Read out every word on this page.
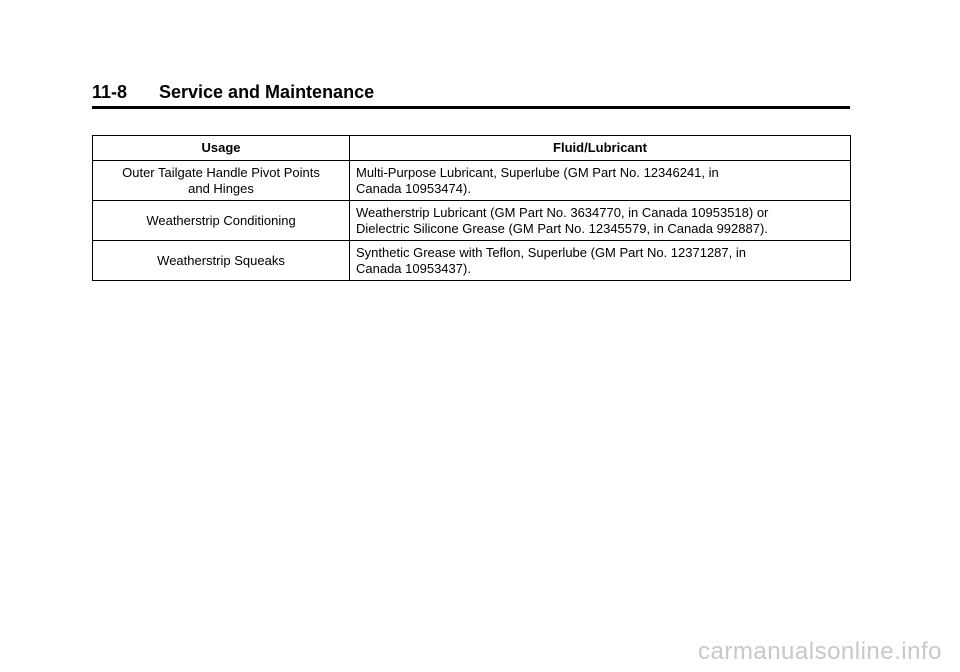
11-8 Service and Maintenance
Usage	Fluid/Lubricant
Outer Tailgate Handle Pivot Points
and Hinges	Multi-Purpose Lubricant, Superlube (GM Part No. 12346241, in
Canada 10953474).
Weatherstrip Conditioning	Weatherstrip Lubricant (GM Part No. 3634770, in Canada 10953518) or
Dielectric Silicone Grease (GM Part No. 12345579, in Canada 992887).
Weatherstrip Squeaks	Synthetic Grease with Teflon, Superlube (GM Part No. 12371287, in
Canada 10953437).
carmanualsonline.info
